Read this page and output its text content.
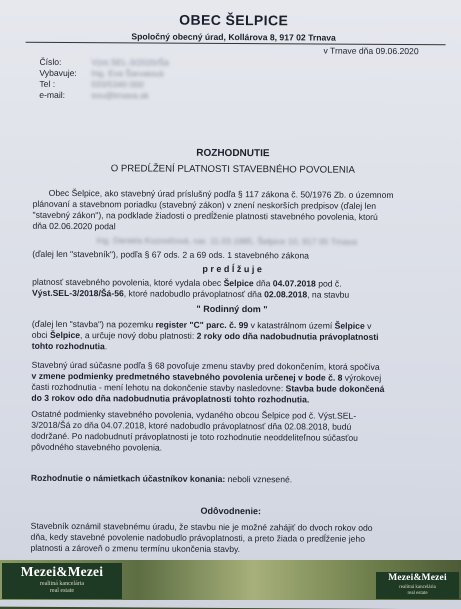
OBEC ŠELPICE
Spoločný obecný úrad, Kollárova 8, 917 02 Trnava
v Trnave dňa 09.06.2020
Číslo:	Výst.SEL-3/2020/Šá
Vybavuje: Ing. Eva Šarvaiová
Tel :	033/5340 000
e-mail:	sou@trnava.sk
ROZHODNUTIE
O PREDĹŽENÍ PLATNOSTI STAVEBNÉHO POVOLENIA
Obec Šelpice, ako stavebný úrad príslušný podľa § 117 zákona č. 50/1976 Zb. o územnom
plánovaní a stavebnom poriadku (stavebný zákon) v znení neskorších predpisov (ďalej len
"stavebný zákon"), na podklade žiadosti o predĺženie platnosti stavebného povolenia, ktorú
dňa 02.06.2020 podal
Ing. Daniela Kozovičová, nar. 11.03.1985, Šelpice 10, 917 05 Trnava
(ďalej len "stavebník"), podľa § 67 ods. 2 a 69 ods. 1 stavebného zákona
p r e d ĺ ž u j e
platnosť stavebného povolenia, ktoré vydala obec Šelpice dňa 04.07.2018 pod č.
Výst.SEL-3/2018/Šá-56, ktoré nadobudlo právoplatnosť dňa 02.08.2018, na stavbu
" Rodinný dom "
(ďalej len "stavba") na pozemku register "C" parc. č. 99 v katastrálnom území Šelpice v
obci Šelpice, a určuje nový dobu platnosti: 2 roky odo dňa nadobudnutia právoplatnosti
tohto rozhodnutia.
Stavebný úrad súčasne podľa § 68 povoľuje zmenu stavby pred dokončením, ktorá spočíva
v zmene podmienky predmetného stavebného povolenia určenej v bode č. 8 výrokovej
časti rozhodnutia - mení lehotu na dokončenie stavby nasledovne: Stavba bude dokončená
do 3 rokov odo dňa nadobudnutia právoplatnosti tohto rozhodnutia.
Ostatné podmienky stavebného povolenia, vydaného obcou Šelpice pod č. Výst.SEL-
3/2018/Šá zo dňa 04.07.2018, ktoré nadobudlo právoplatnosť dňa 02.08.2018, budú
dodržané. Po nadobudnutí právoplatnosti je toto rozhodnutie neoddeliteľnou súčasťou
pôvodného stavebného povolenia.
Rozhodnutie o námietkach účastníkov konania: neboli vznesené.
Odôvodnenie:
Stavebník oznámil stavebnému úradu, že stavbu nie je možné zahájiť do dvoch rokov odo
dňa, kedy stavebné povolenie nadobudlo právoplatnosti, a preto žiada o predĺženie jeho
platnosti a zároveň o zmenu termínu ukončenia stavby.
Mezei&Mezei
realitná kancelária
real estate
Mezei&Mezei
realitná kancelária
real estate
